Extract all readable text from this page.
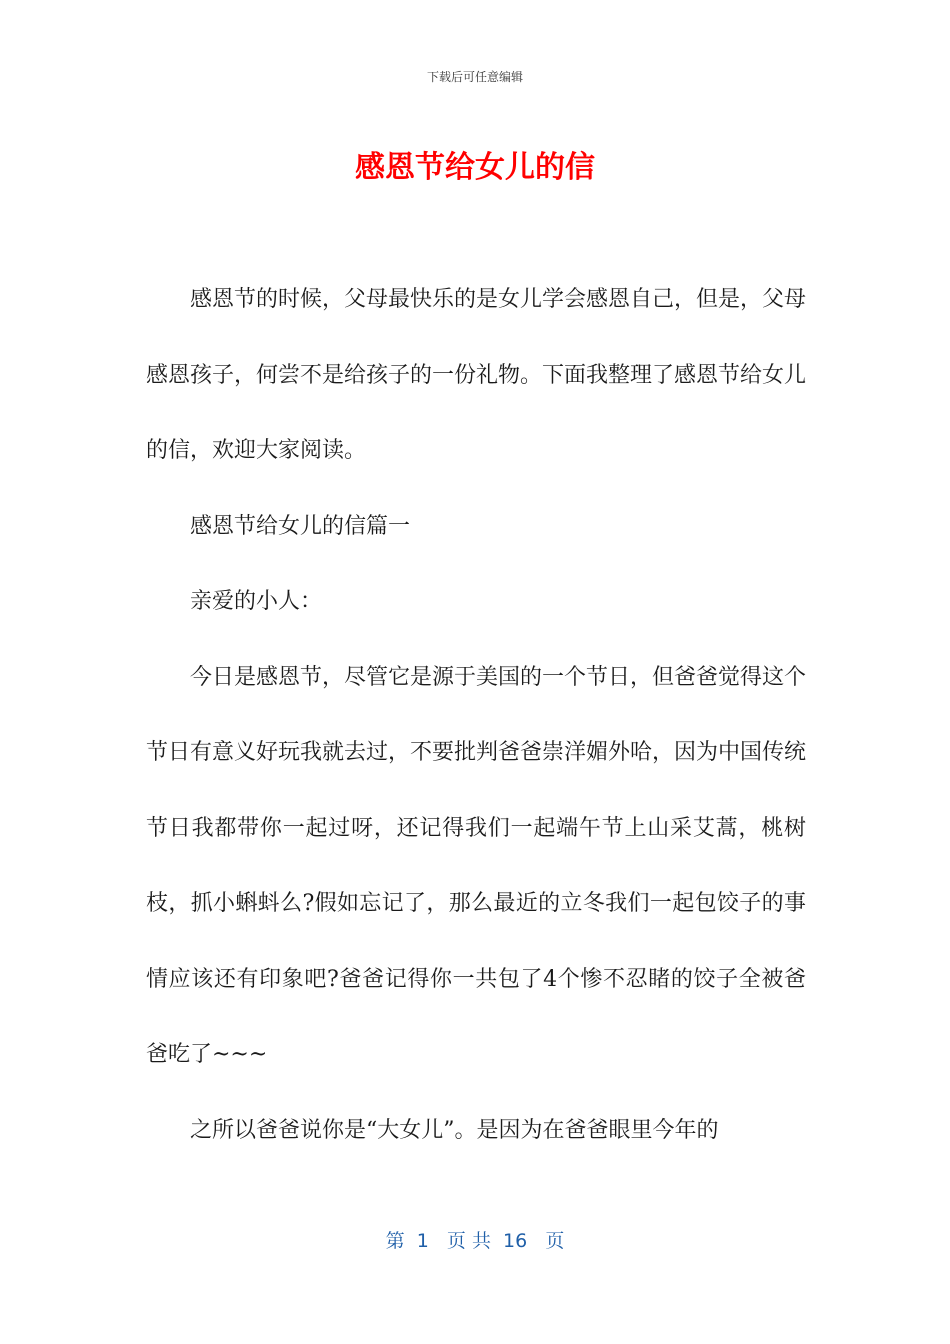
下载后可任意编辑
感恩节给女儿的信

感恩节的时候，父母最快乐的是女儿学会感恩自己，但是，父母感恩孩子，何尝不是给孩子的一份礼物。下面我整理了感恩节给女儿的信，欢迎大家阅读。

感恩节给女儿的信篇一

亲爱的小人：

今日是感恩节，尽管它是源于美国的一个节日，但爸爸觉得这个节日有意义好玩我就去过，不要批判爸爸崇洋媚外哈，因为中国传统节日我都带你一起过呀，还记得我们一起端午节上山采艾蒿，桃树枝，抓小蝌蚪么?假如忘记了，那么最近的立冬我们一起包饺子的事情应该还有印象吧?爸爸记得你一共包了4个惨不忍睹的饺子全被爸爸吃了~~~

之所以爸爸说你是“大女儿”。是因为在爸爸眼里今年的

第  1   页 共  16   页
